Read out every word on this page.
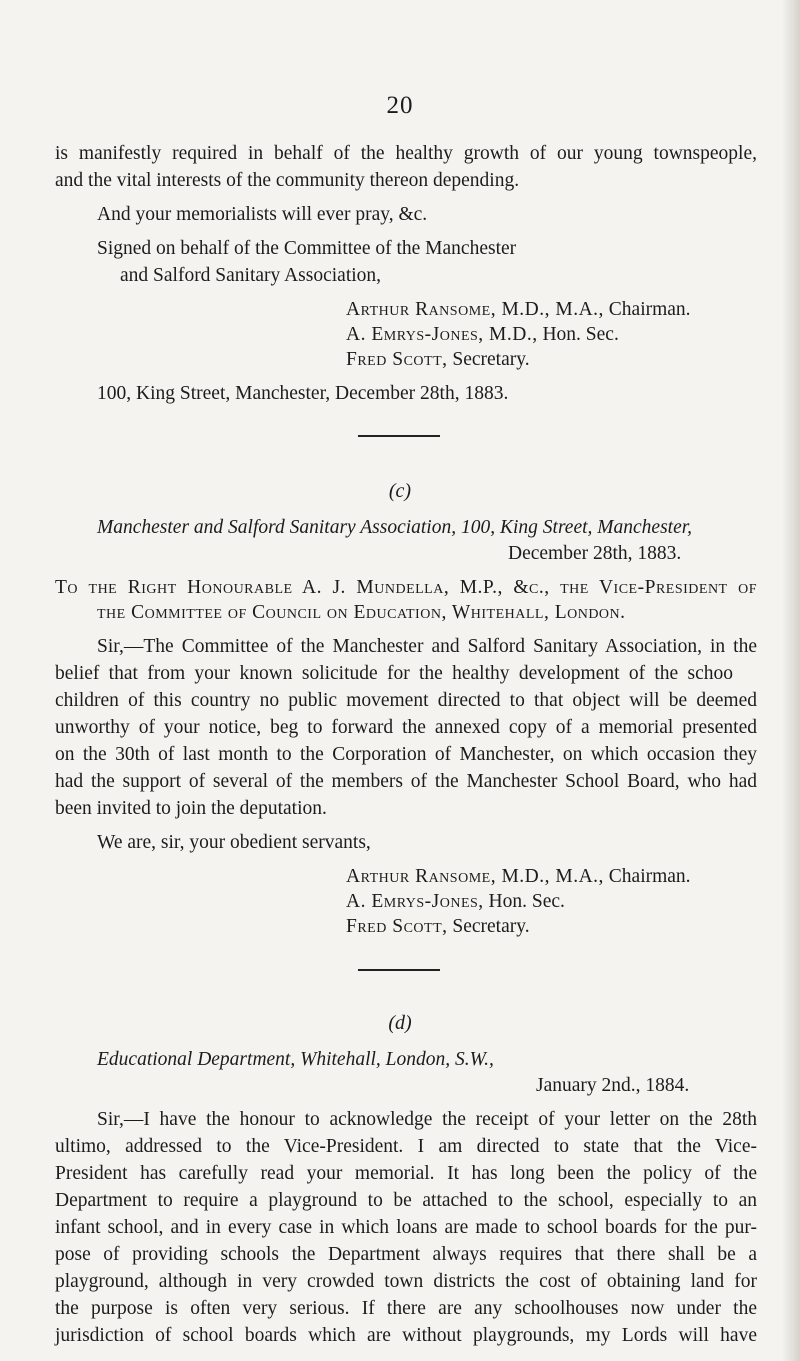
20
is manifestly required in behalf of the healthy growth of our young townspeople,
and the vital interests of the community thereon depending.
And your memorialists will ever pray, &c.
Signed on behalf of the Committee of the Manchester
and Salford Sanitary Association,
Arthur Ransome, M.D., M.A., Chairman.
A. Emrys-Jones, M.D., Hon. Sec.
Fred Scott, Secretary.
100, King Street, Manchester, December 28th, 1883.
(c)
Manchester and Salford Sanitary Association, 100, King Street, Manchester,
December 28th, 1883.
To the Right Honourable A. J. Mundella, M.P., &c., the Vice-President of
the Committee of Council on Education, Whitehall, London.
Sir,—The Committee of the Manchester and Salford Sanitary Association, in the
belief that from your known solicitude for the healthy development of the schoo
children of this country no public movement directed to that object will be deemed
unworthy of your notice, beg to forward the annexed copy of a memorial presented
on the 30th of last month to the Corporation of Manchester, on which occasion they
had the support of several of the members of the Manchester School Board, who had
been invited to join the deputation.
We are, sir, your obedient servants,
Arthur Ransome, M.D., M.A., Chairman.
A. Emrys-Jones, Hon. Sec.
Fred Scott, Secretary.
(d)
Educational Department, Whitehall, London, S.W.,
January 2nd., 1884.
Sir,—I have the honour to acknowledge the receipt of your letter on the 28th
ultimo, addressed to the Vice-President. I am directed to state that the Vice-
President has carefully read your memorial. It has long been the policy of the
Department to require a playground to be attached to the school, especially to an
infant school, and in every case in which loans are made to school boards for the pur-
pose of providing schools the Department always requires that there shall be a
playground, although in very crowded town districts the cost of obtaining land for
the purpose is often very serious. If there are any schoolhouses now under the
jurisdiction of school boards which are without playgrounds, my Lords will have
